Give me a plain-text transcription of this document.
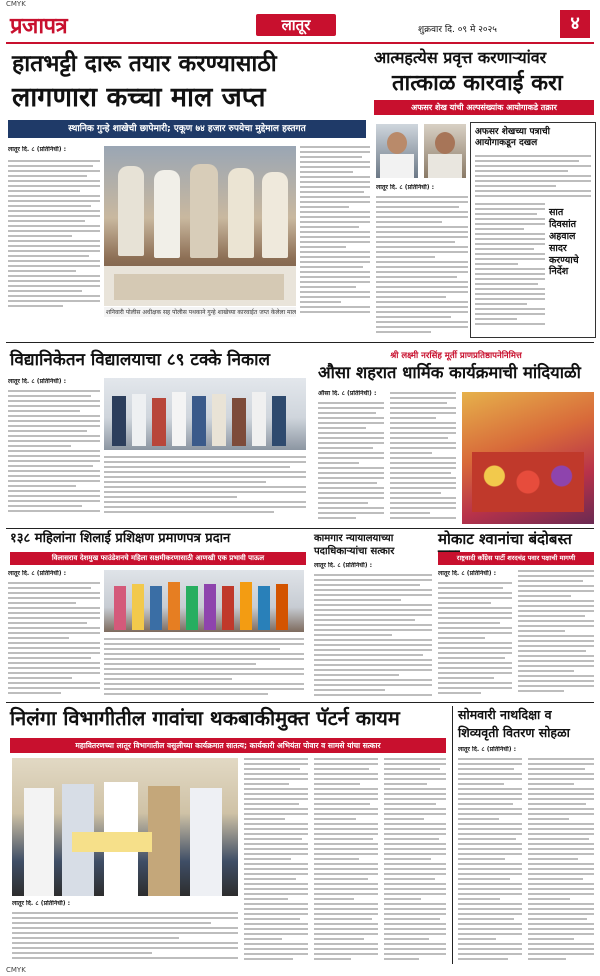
CMYK
CMYK
प्रजापत्र	लातूर	शुक्रवार दि. ०९ मे २०२५	४
हातभट्टी दारू तयार करण्यासाठी
लागणारा कच्चा माल जप्त
स्थानिक गुन्हे शाखेची छापेमारी; एकूण ७४ हजार रुपयेचा मुद्देमाल हस्तगत
लातूर दि. ८ (प्रतिनिधी) :
शनिवारी पोलीस अधीक्षक सह पोलीस पथकाने गुन्हे शाखेच्या कारवाईत जप्त केलेला माल
आत्महत्येस प्रवृत्त करणाऱ्यांवर
तात्काळ कारवाई करा
अफसर शेख यांची अल्पसंख्यांक आयोगाकडे तक्रार
लातूर दि. ८ (प्रतिनिधी) :
अफसर शेखच्या पत्राची आयोगाकडून दखल
सात
दिवसांत
अहवाल
सादर
करण्याचे
निर्देश
विद्यानिकेतन विद्यालयाचा ८९ टक्के निकाल
लातूर दि. ८ (प्रतिनिधी) :
श्री लक्ष्मी नरसिंह मूर्ती प्राणप्रतिष्ठापनेनिमित्त
औसा शहरात धार्मिक कार्यक्रमाची मांदियाळी
औसा दि. ८ (प्रतिनिधी) :
१३८ महिलांना शिलाई प्रशिक्षण प्रमाणपत्र प्रदान
विलासराव देशमुख फाउंडेशनचे महिला सक्षमीकरणासाठी आणखी एक प्रभावी पाऊल
लातूर दि. ८ (प्रतिनिधी) :
कामगार न्यायालयाच्या
पदाधिकाऱ्यांचा सत्कार
लातूर दि. ८ (प्रतिनिधी) :
मोकाट श्वानांचा बंदोबस्त
राष्ट्रवादी काँग्रेस पार्टी शरदचंद्र पवार पक्षाची मागणी
लातूर दि. ८ (प्रतिनिधी) :
निलंगा विभागीतील गावांचा थकबाकीमुक्त पॅटर्न कायम
महावितरणच्या लातूर विभागातील वसुलीच्या कार्यक्रमात सातत्य; कार्यकारी अभियंता पोवार व सामसे यांचा सत्कार
लातूर दि. ८ (प्रतिनिधी) :
सोमवारी नाथदिक्षा व
शिव्यवृती वितरण सोहळा
लातूर दि. ८ (प्रतिनिधी) :
